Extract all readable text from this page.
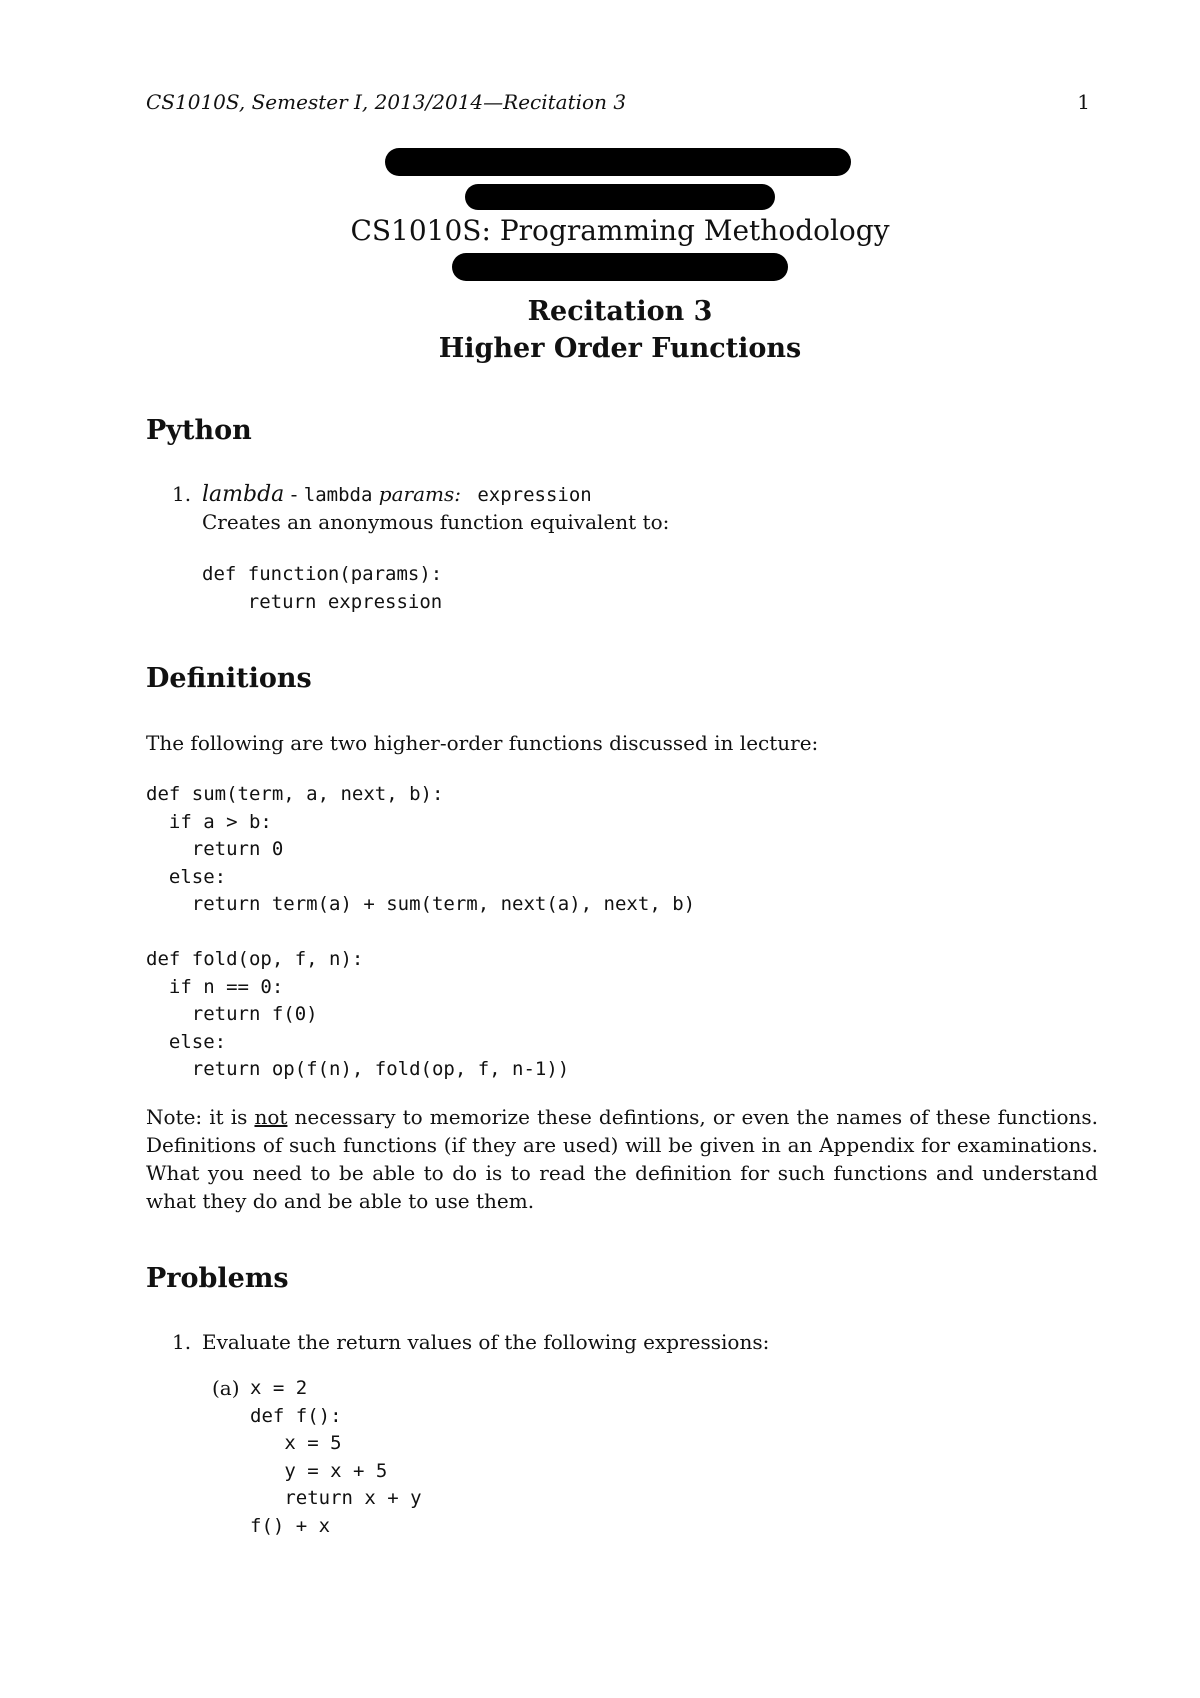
CS1010S, Semester I, 2013/2014—Recitation 3	1
CS1010S: Programming Methodology
Recitation 3
Higher Order Functions
Python
1. lambda - lambda params: expression
Creates an anonymous function equivalent to:
def function(params):
return expression
Definitions
The following are two higher-order functions discussed in lecture:
def sum(term, a, next, b):
if a > b:
return 0
else:
return term(a) + sum(term, next(a), next, b)
def fold(op, f, n):
if n == 0:
return f(0)
else:
return op(f(n), fold(op, f, n-1))
Note: it is not necessary to memorize these defintions, or even the names of these functions. Definitions of such functions (if they are used) will be given in an Appendix for examinations. What you need to be able to do is to read the definition for such functions and understand what they do and be able to use them.
Problems
1. Evaluate the return values of the following expressions:
(a) x = 2
def f():
x = 5
y = x + 5
return x + y
f() + x
